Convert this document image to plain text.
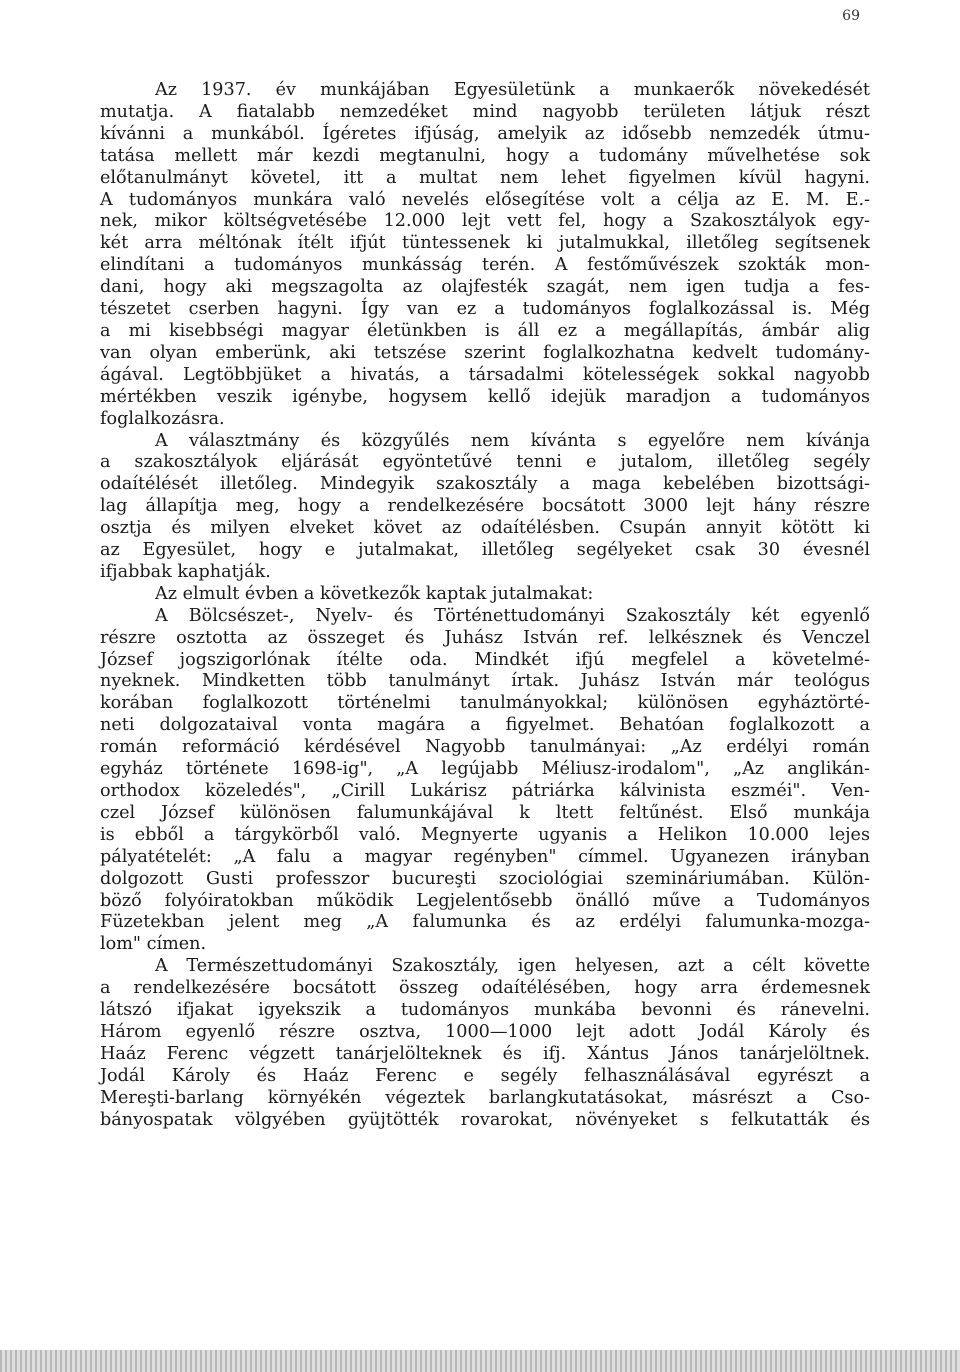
69
Az 1937. év munkájában Egyesületünk a munkaerők növekedését
mutatja. A fiatalabb nemzedéket mind nagyobb területen látjuk részt
kívánni a munkából. Ígéretes ifjúság, amelyik az idősebb nemzedék útmu-
tatása mellett már kezdi megtanulni, hogy a tudomány művelhetése sok
előtanulmányt követel, itt a multat nem lehet figyelmen kívül hagyni.
A tudományos munkára való nevelés elősegítése volt a célja az E. M. E.-
nek, mikor költségvetésébe 12.000 lejt vett fel, hogy a Szakosztályok egy-
két arra méltónak ítélt ifjút tüntessenek ki jutalmukkal, illetőleg segítsenek
elindítani a tudományos munkásság terén. A festőművészek szokták mon-
dani, hogy aki megszagolta az olajfesték szagát, nem igen tudja a fes-
tészetet cserben hagyni. Így van ez a tudományos foglalkozással is. Még
a mi kisebbségi magyar életünkben is áll ez a megállapítás, ámbár alig
van olyan emberünk, aki tetszése szerint foglalkozhatna kedvelt tudomány-
ágával. Legtöbbjüket a hivatás, a társadalmi kötelességek sokkal nagyobb
mértékben veszik igénybe, hogysem kellő idejük maradjon a tudományos
foglalkozásra.
A választmány és közgyűlés nem kívánta s egyelőre nem kívánja
a szakosztályok eljárását egyöntetűvé tenni e jutalom, illetőleg segély
odaítélését illetőleg. Mindegyik szakosztály a maga kebelében bizottsági-
lag állapítja meg, hogy a rendelkezésére bocsátott 3000 lejt hány részre
osztja és milyen elveket követ az odaítélésben. Csupán annyit kötött ki
az Egyesület, hogy e jutalmakat, illetőleg segélyeket csak 30 évesnél
ifjabbak kaphatják.
Az elmult évben a következők kaptak jutalmakat:
A Bölcsészet-, Nyelv- és Történettudományi Szakosztály két egyenlő
részre osztotta az összeget és Juhász István ref. lelkésznek és Venczel
József jogszigorlónak ítélte oda. Mindkét ifjú megfelel a követelmé-
nyeknek. Mindketten több tanulmányt írtak. Juhász István már teológus
korában foglalkozott történelmi tanulmányokkal; különösen egyháztörté-
neti dolgozataival vonta magára a figyelmet. Behatóan foglalkozott a
román reformáció kérdésével Nagyobb tanulmányai: „Az erdélyi román
egyház története 1698-ig", „A legújabb Méliusz-irodalom", „Az anglikán-
orthodox közeledés", „Cirill Lukárisz pátriárka kálvinista eszméi". Ven-
czel József különösen falumunkájával k ltett feltűnést. Első munkája
is ebből a tárgykörből való. Megnyerte ugyanis a Helikon 10.000 lejes
pályatételét: „A falu a magyar regényben" címmel. Ugyanezen irányban
dolgozott Gusti professzor bucureşti szociológiai szemináriumában. Külön-
böző folyóiratokban működik Legjelentősebb önálló műve a Tudományos
Füzetekban jelent meg „A falumunka és az erdélyi falumunka-mozga-
lom" címen.
A Természettudományi Szakosztály, igen helyesen, azt a célt követte
a rendelkezésére bocsátott összeg odaítélésében, hogy arra érdemesnek
látszó ifjakat igyekszik a tudományos munkába bevonni és ránevelni.
Három egyenlő részre osztva, 1000—1000 lejt adott Jodál Károly és
Haáz Ferenc végzett tanárjelölteknek és ifj. Xántus János tanárjelöltnek.
Jodál Károly és Haáz Ferenc e segély felhasználásával egyrészt a
Mereşti-barlang környékén végeztek barlangkutatásokat, másrészt a Cso-
bányospatak völgyében gyüjtötték rovarokat, növényeket s felkutatták és
